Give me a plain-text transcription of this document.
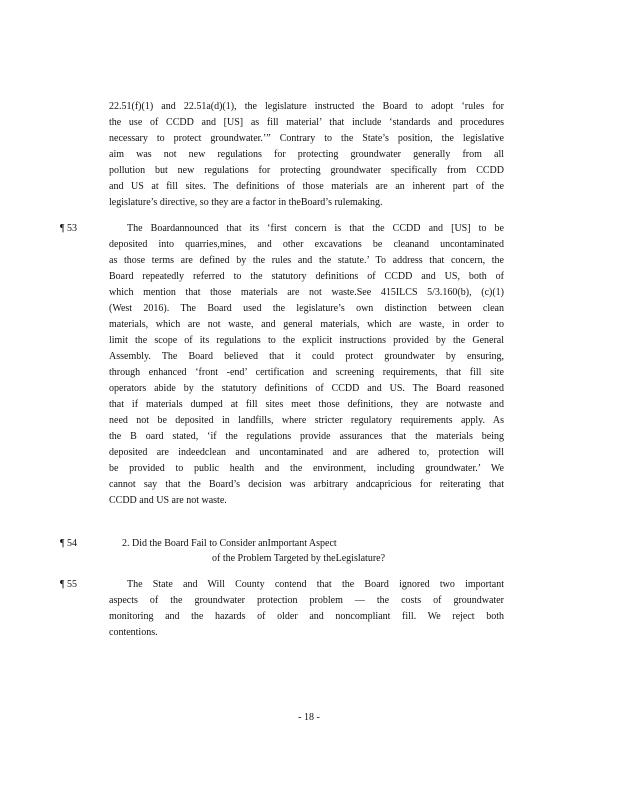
22.51(f)(1) and 22.51a(d)(1), the legislature instructed the Board to adopt ‘rules for
the use of CCDD and [US] as fill material’ that include ‘standards and procedures
necessary to protect groundwater.’” Contrary to the State’s position, the legislative
aim was not new regulations for protecting groundwater generally from all
pollution but new regulations for protecting groundwater specifically from CCDD
and US at fill sites. The definitions of those materials are an inherent part of the
legislature’s directive, so they are a factor in theBoard’s rulemaking.
¶ 53	The Boardannounced that its ‘first concern is that the CCDD and [US] to be
deposited into quarries,mines, and other excavations be cleanand uncontaminated
as those terms are defined by the rules and the statute.’ To address that concern, the
Board repeatedly referred to the statutory definitions of CCDD and US, both of
which mention that those materials are not waste.See 415ILCS 5/3.160(b), (c)(1)
(West 2016). The Board used the legislature’s own distinction between clean
materials, which are not waste, and general materials, which are waste, in order to
limit the scope of its regulations to the explicit instructions provided by the General
Assembly. The Board believed that it could protect groundwater by ensuring,
through enhanced ‘front -end’ certification and screening requirements, that fill site
operators abide by the statutory definitions of CCDD and US. The Board reasoned
that if materials dumped at fill sites meet those definitions, they are notwaste and
need not be deposited in landfills, where stricter regulatory requirements apply. As
the B oard stated, ‘if the regulations provide assurances that the materials being
deposited are indeedclean and uncontaminated and are adhered to, protection will
be provided to public health and the environment, including groundwater.’ We
cannot say that the Board’s decision was arbitrary andcapricious for reiterating that
CCDD and US are not waste.
¶ 54	2. Did the Board Fail to Consider anImportant Aspect
of the Problem Targeted by theLegislature?
¶ 55	The State and Will County contend that the Board ignored two important
aspects of the groundwater protection problem — the costs of groundwater
monitoring and the hazards of older and noncompliant fill. We reject both
contentions.
- 18 -
